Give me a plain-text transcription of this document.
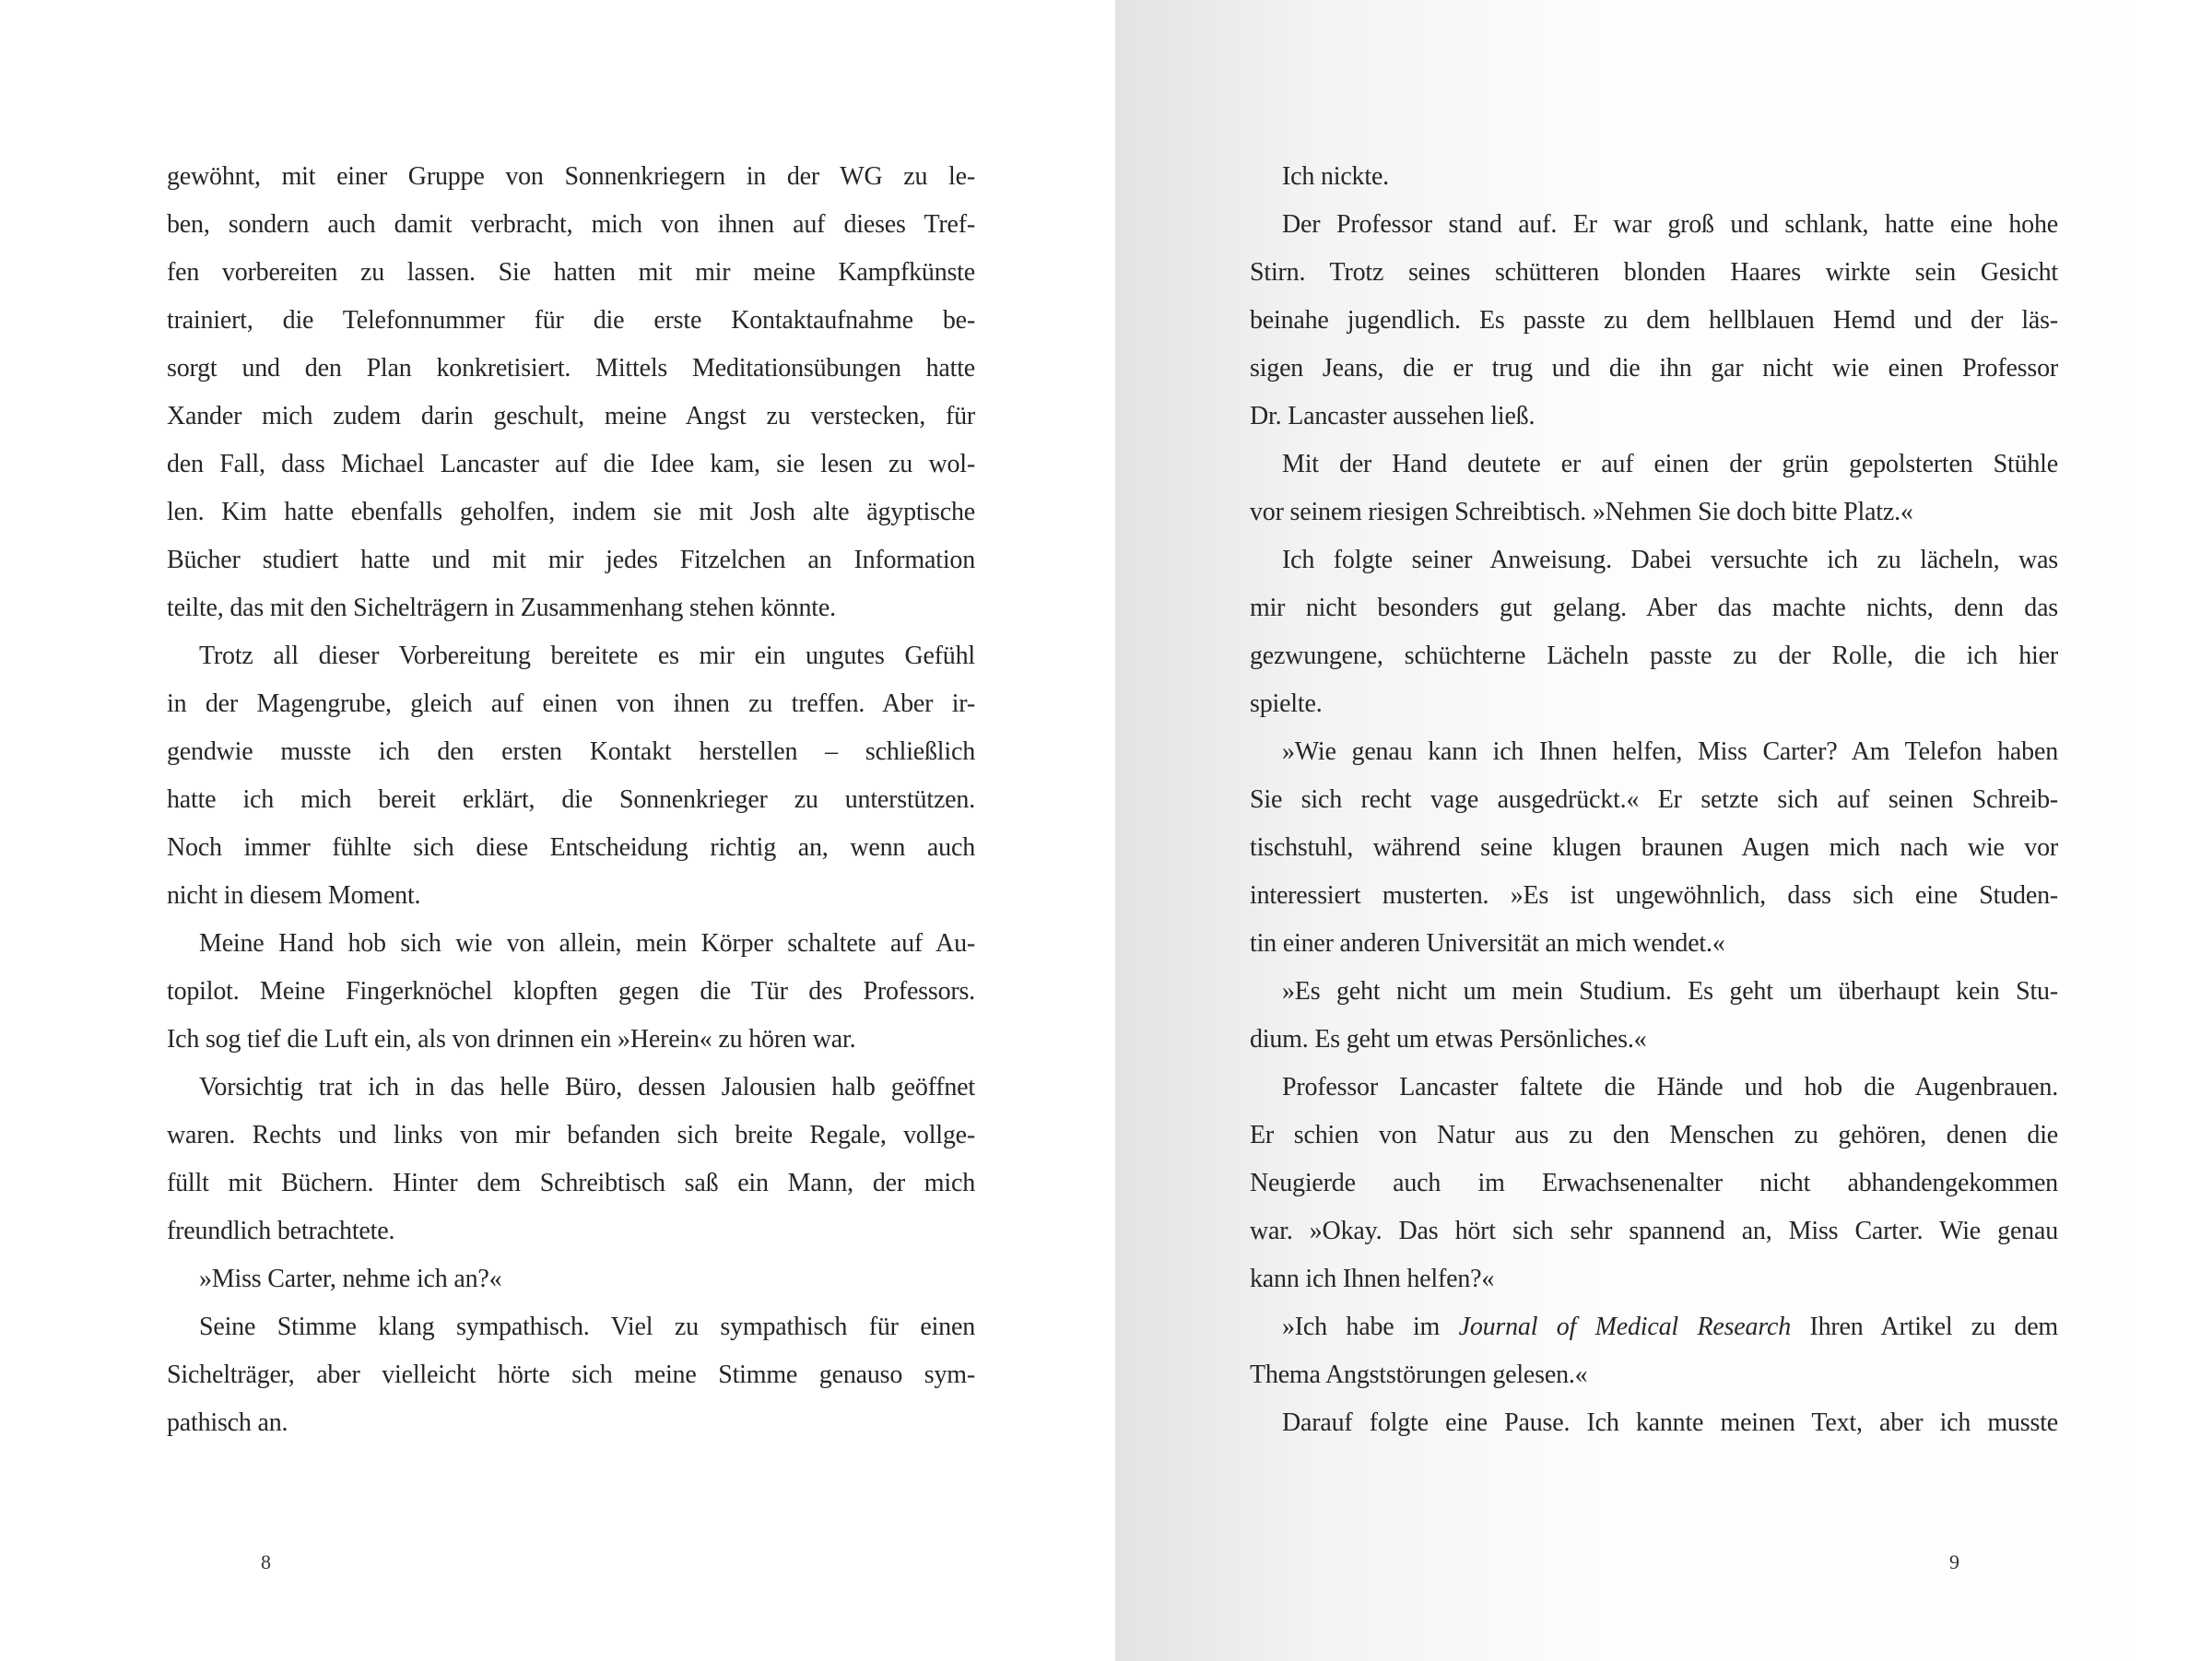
gewöhnt, mit einer Gruppe von Sonnenkriegern in der WG zu le-
ben, sondern auch damit verbracht, mich von ihnen auf dieses Tref-
fen vorbereiten zu lassen. Sie hatten mit mir meine Kampfkünste
trainiert, die Telefonnummer für die erste Kontaktaufnahme be-
sorgt und den Plan konkretisiert. Mittels Meditationsübungen hatte
Xander mich zudem darin geschult, meine Angst zu verstecken, für
den Fall, dass Michael Lancaster auf die Idee kam, sie lesen zu wol-
len. Kim hatte ebenfalls geholfen, indem sie mit Josh alte ägyptische
Bücher studiert hatte und mit mir jedes Fitzelchen an Information
teilte, das mit den Sichelträgern in Zusammenhang stehen könnte.
Trotz all dieser Vorbereitung bereitete es mir ein ungutes Gefühl
in der Magengrube, gleich auf einen von ihnen zu treffen. Aber ir-
gendwie musste ich den ersten Kontakt herstellen – schließlich
hatte ich mich bereit erklärt, die Sonnenkrieger zu unterstützen.
Noch immer fühlte sich diese Entscheidung richtig an, wenn auch
nicht in diesem Moment.
Meine Hand hob sich wie von allein, mein Körper schaltete auf Au-
topilot. Meine Fingerknöchel klopften gegen die Tür des Professors.
Ich sog tief die Luft ein, als von drinnen ein »Herein« zu hören war.
Vorsichtig trat ich in das helle Büro, dessen Jalousien halb geöffnet
waren. Rechts und links von mir befanden sich breite Regale, vollge-
füllt mit Büchern. Hinter dem Schreibtisch saß ein Mann, der mich
freundlich betrachtete.
»Miss Carter, nehme ich an?«
Seine Stimme klang sympathisch. Viel zu sympathisch für einen
Sichelträger, aber vielleicht hörte sich meine Stimme genauso sym-
pathisch an.
8
Ich nickte.
Der Professor stand auf. Er war groß und schlank, hatte eine hohe
Stirn. Trotz seines schütteren blonden Haares wirkte sein Gesicht
beinahe jugendlich. Es passte zu dem hellblauen Hemd und der läs-
sigen Jeans, die er trug und die ihn gar nicht wie einen Professor
Dr. Lancaster aussehen ließ.
Mit der Hand deutete er auf einen der grün gepolsterten Stühle
vor seinem riesigen Schreibtisch. »Nehmen Sie doch bitte Platz.«
Ich folgte seiner Anweisung. Dabei versuchte ich zu lächeln, was
mir nicht besonders gut gelang. Aber das machte nichts, denn das
gezwungene, schüchterne Lächeln passte zu der Rolle, die ich hier
spielte.
»Wie genau kann ich Ihnen helfen, Miss Carter? Am Telefon haben
Sie sich recht vage ausgedrückt.« Er setzte sich auf seinen Schreib-
tischstuhl, während seine klugen braunen Augen mich nach wie vor
interessiert musterten. »Es ist ungewöhnlich, dass sich eine Studen-
tin einer anderen Universität an mich wendet.«
»Es geht nicht um mein Studium. Es geht um überhaupt kein Stu-
dium. Es geht um etwas Persönliches.«
Professor Lancaster faltete die Hände und hob die Augenbrauen.
Er schien von Natur aus zu den Menschen zu gehören, denen die
Neugierde auch im Erwachsenenalter nicht abhandengekommen
war. »Okay. Das hört sich sehr spannend an, Miss Carter. Wie genau
kann ich Ihnen helfen?«
»Ich habe im Journal of Medical Research Ihren Artikel zu dem
Thema Angststörungen gelesen.«
Darauf folgte eine Pause. Ich kannte meinen Text, aber ich musste
9
